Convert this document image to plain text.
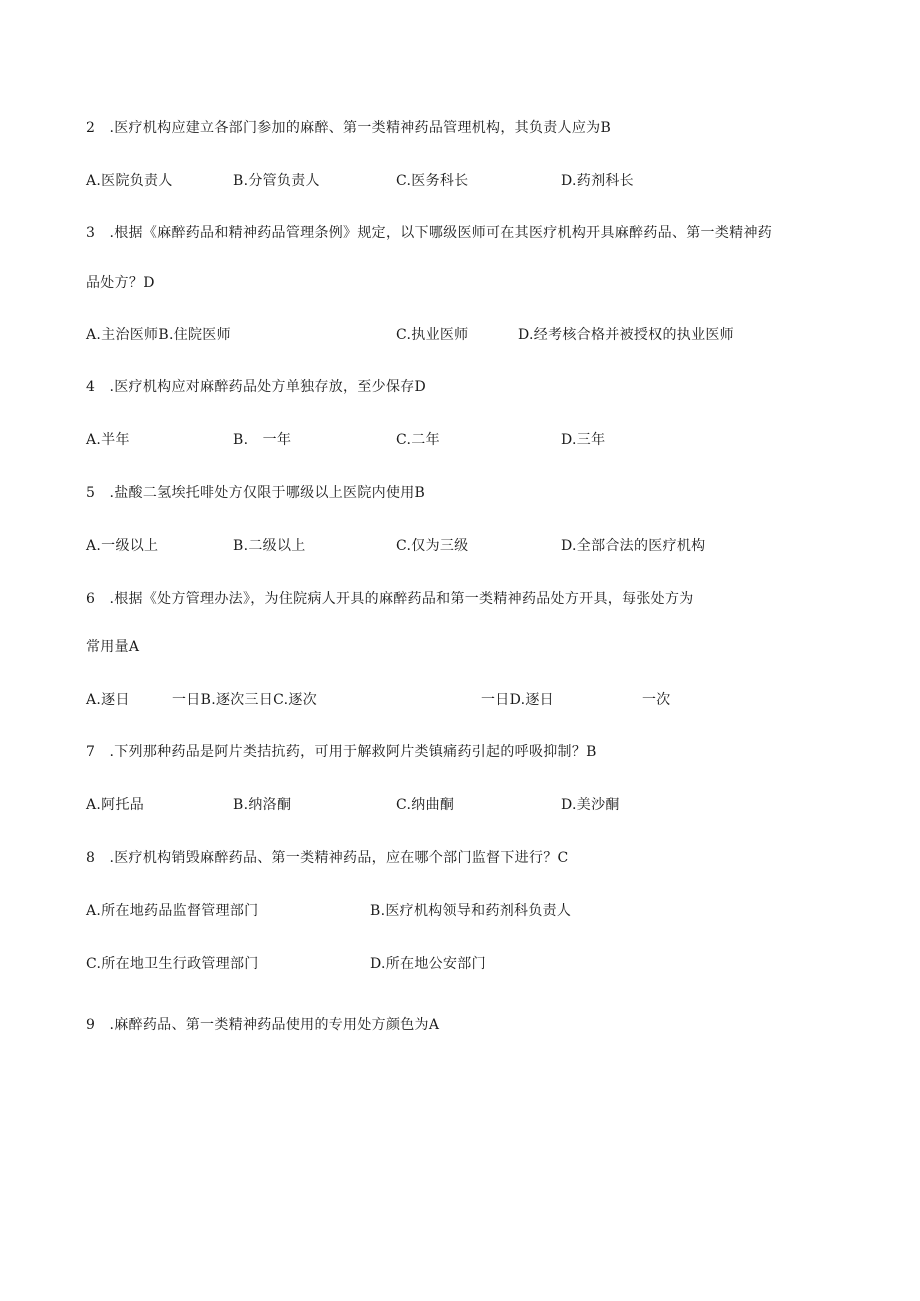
2　.医疗机构应建立各部门参加的麻醉、第一类精神药品管理机构，其负责人应为B
A.医院负责人	B.分管负责人	C.医务科长	D.药剂科长
3　.根据《麻醉药品和精神药品管理条例》规定，以下哪级医师可在其医疗机构开具麻醉药品、第一类精神药
品处方？D
A.主治医师B.住院医师	C.执业医师	D.经考核合格并被授权的执业医师
4　.医疗机构应对麻醉药品处方单独存放，至少保存D
A.半年	B.　一年	C.二年	D.三年
5　.盐酸二氢埃托啡处方仅限于哪级以上医院内使用B
A.一级以上	B.二级以上	C.仅为三级	D.全部合法的医疗机构
6　.根据《处方管理办法》，为住院病人开具的麻醉药品和第一类精神药品处方开具，每张处方为
常用量A
A.逐日	一日B.逐次三日C.逐次	一日D.逐日	一次
7　.下列那种药品是阿片类拮抗药，可用于解救阿片类镇痛药引起的呼吸抑制？B
A.阿托品	B.纳洛酮	C.纳曲酮	D.美沙酮
8　.医疗机构销毁麻醉药品、第一类精神药品，应在哪个部门监督下进行？C
A.所在地药品监督管理部门	B.医疗机构领导和药剂科负责人
C.所在地卫生行政管理部门	D.所在地公安部门
9　.麻醉药品、第一类精神药品使用的专用处方颜色为A
